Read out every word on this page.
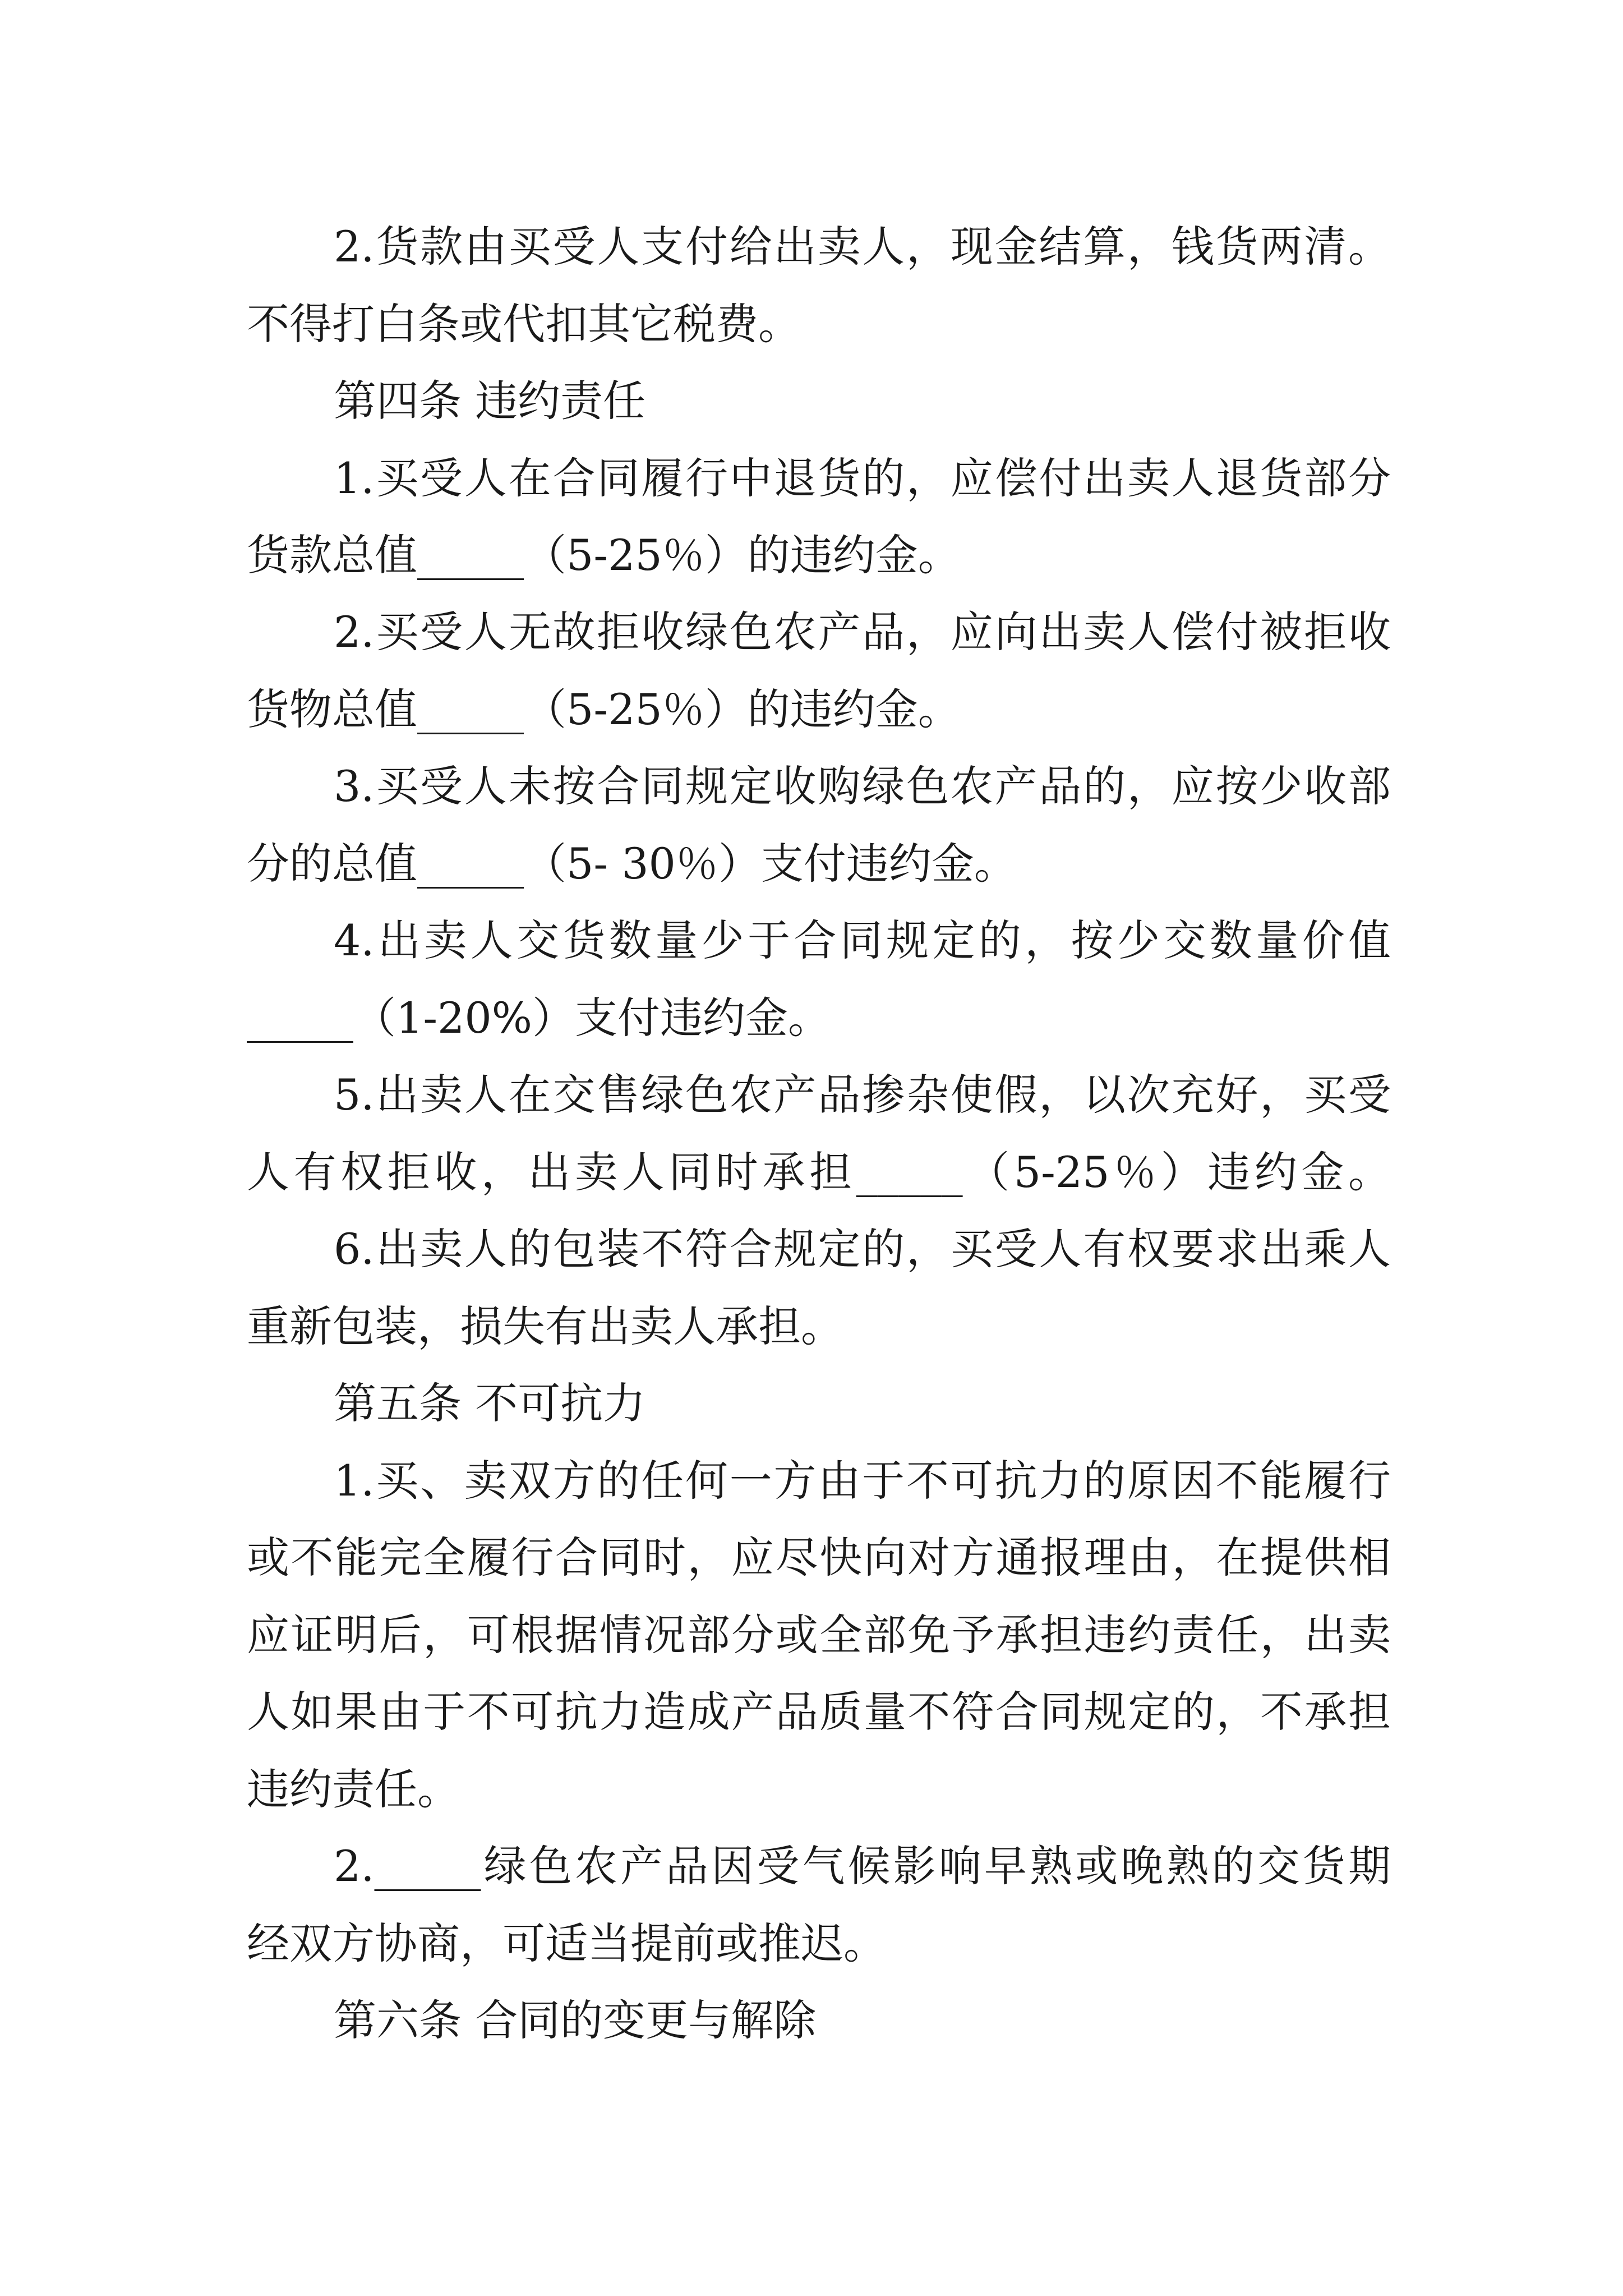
2.货款由买受人支付给出卖人，现金结算，钱货两清。
不得打白条或代扣其它税费。
第四条 违约责任
1.买受人在合同履行中退货的，应偿付出卖人退货部分
货款总值_____（5-25％）的违约金。
2.买受人无故拒收绿色农产品，应向出卖人偿付被拒收
货物总值_____（5-25％）的违约金。
3.买受人未按合同规定收购绿色农产品的，应按少收部
分的总值_____（5- 30％）支付违约金。
4.出卖人交货数量少于合同规定的，按少交数量价值
_____（1-20%）支付违约金。
5.出卖人在交售绿色农产品掺杂使假，以次充好，买受
人有权拒收，出卖人同时承担_____（5-25％）违约金。
6.出卖人的包装不符合规定的，买受人有权要求出乘人
重新包装，损失有出卖人承担。
第五条 不可抗力
1.买、卖双方的任何一方由于不可抗力的原因不能履行
或不能完全履行合同时，应尽快向对方通报理由，在提供相
应证明后，可根据情况部分或全部免予承担违约责任，出卖
人如果由于不可抗力造成产品质量不符合同规定的，不承担
违约责任。
2._____绿色农产品因受气候影响早熟或晚熟的交货期
经双方协商，可适当提前或推迟。
第六条 合同的变更与解除
